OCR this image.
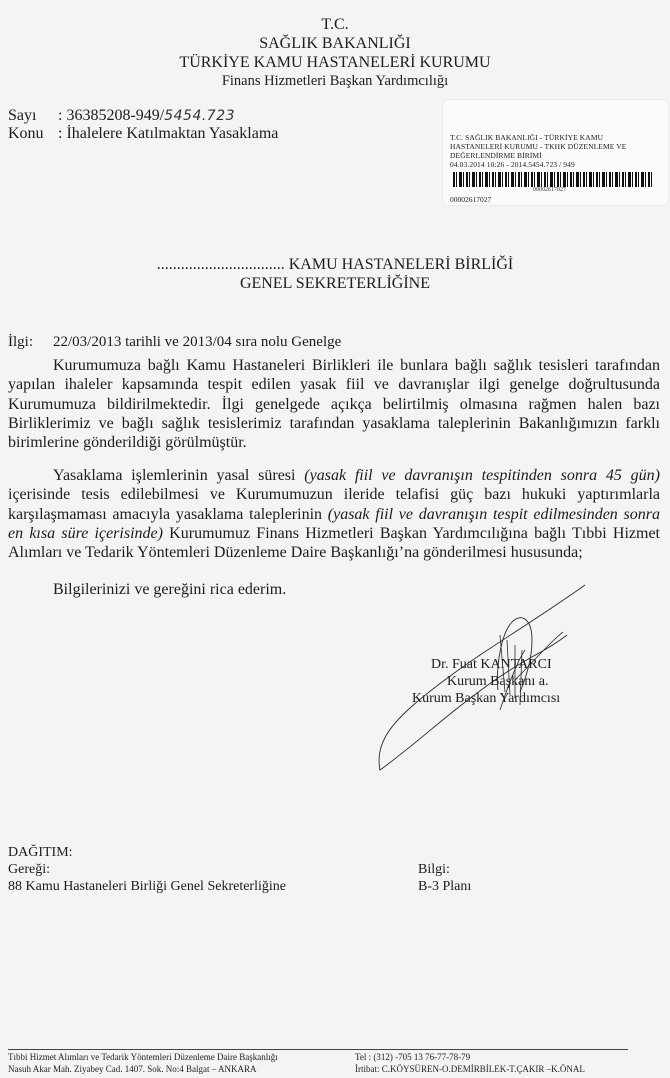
T.C.
SAĞLIK BAKANLIĞI
TÜRKİYE KAMU HASTANELERİ KURUMU
Finans Hizmetleri Başkan Yardımcılığı
Sayı : 36385208-949/5454.723
Konu : İhalelere Katılmaktan Yasaklama	T.C. SAĞLIK BAKANLIĞI - TÜRKİYE KAMU
HASTANELERİ KURUMU - TKHK DÜZENLEME VE
DEĞERLENDİRME BİRİMİ
04.03.2014 10:26 - 2014.5454.723 / 949
00002617027
00002617027
................................ KAMU HASTANELERİ BİRLİĞİ
GENEL SEKRETERLİĞİNE
İlgi: 22/03/2013 tarihli ve 2013/04 sıra nolu Genelge

Kurumumuza bağlı Kamu Hastaneleri Birlikleri ile bunlara bağlı sağlık tesisleri tarafından yapılan ihaleler kapsamında tespit edilen yasak fiil ve davranışlar ilgi genelge doğrultusunda Kurumumuza bildirilmektedir. İlgi genelgede açıkça belirtilmiş olmasına rağmen halen bazı Birliklerimiz ve bağlı sağlık tesislerimiz tarafından yasaklama taleplerinin Bakanlığımızın farklı birimlerine gönderildiği görülmüştür.

Yasaklama işlemlerinin yasal süresi (yasak fiil ve davranışın tespitinden sonra 45 gün) içerisinde tesis edilebilmesi ve Kurumumuzun ileride telafisi güç bazı hukuki yaptırımlarla karşılaşmaması amacıyla yasaklama taleplerinin (yasak fiil ve davranışın tespit edilmesinden sonra en kısa süre içerisinde) Kurumumuz Finans Hizmetleri Başkan Yardımcılığına bağlı Tıbbi Hizmet Alımları ve Tedarik Yöntemleri Düzenleme Daire Başkanlığı’na gönderilmesi hususunda;

Bilgilerinizi ve gereğini rica ederim.
Dr. Fuat KANTARCI
Kurum Başkanı a.
Kurum Başkan Yardımcısı
DAĞITIM:
Gereği:
88 Kamu Hastaneleri Birliği Genel Sekreterliğine
Bilgi:
B-3 Planı
Tıbbi Hizmet Alımları ve Tedarik Yöntemleri Düzenleme Daire Başkanlığı
Nasuh Akar Mah. Ziyabey Cad. 1407. Sok. No:4 Balgat – ANKARA
Tel : (312) -705 13 76-77-78-79
İrtibat: C.KÖYSÜREN-O.DEMİRBİLEK-T.ÇAKIR –K.ÖNAL
